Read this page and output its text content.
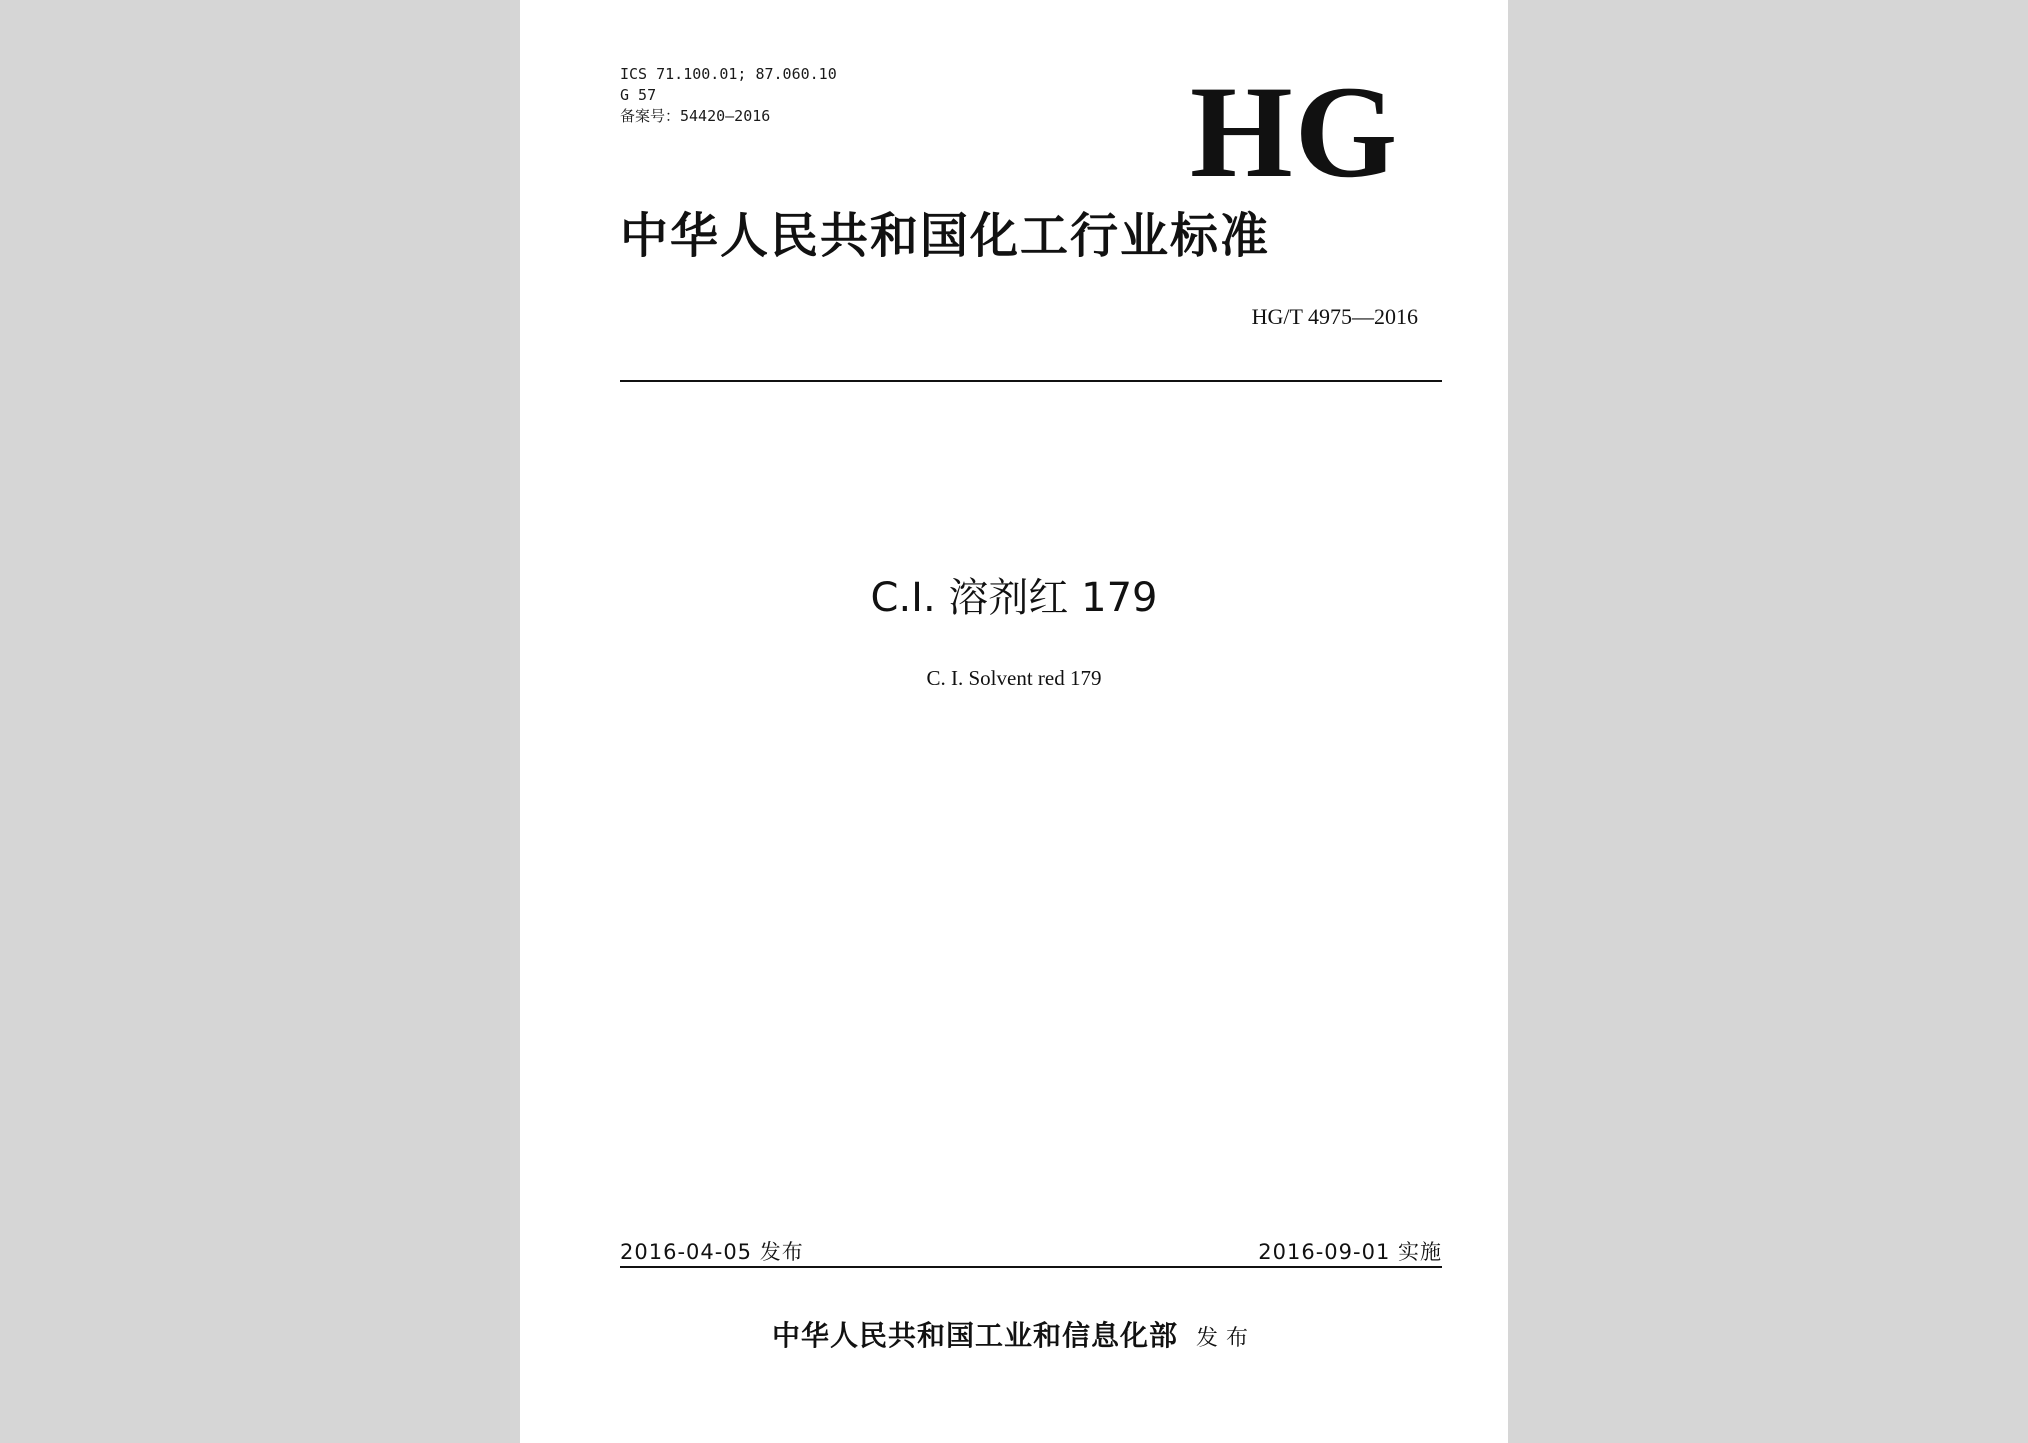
ICS 71.100.01; 87.060.10
G 57
备案号：54420—2016	HG
中华人民共和国化工行业标准
HG/T 4975—2016
C.I. 溶剂红 179
C. I. Solvent red 179
2016-04-05 发布	2016-09-01 实施
中华人民共和国工业和信息化部 发布
